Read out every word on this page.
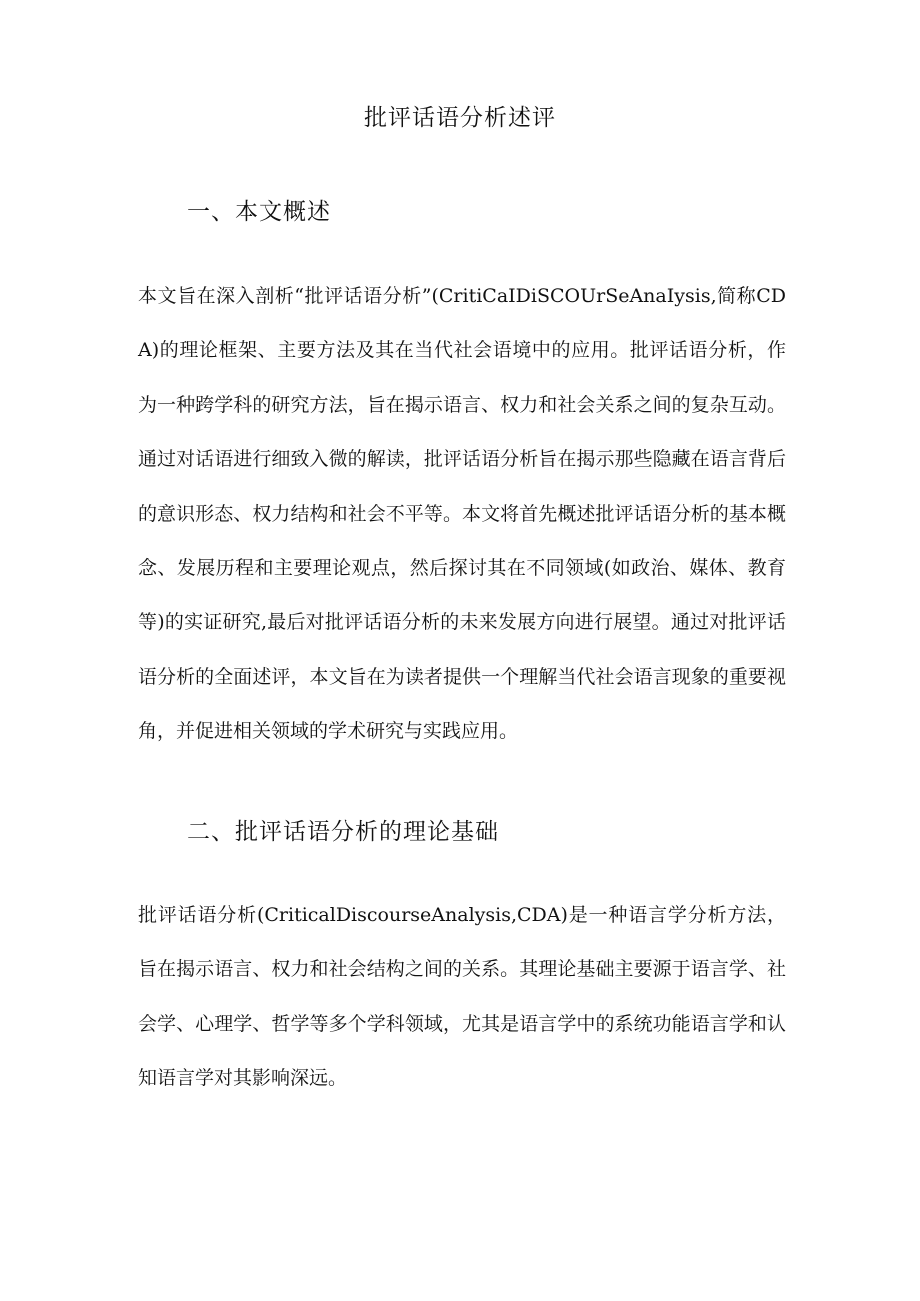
批评话语分析述评
一、本文概述

本文旨在深入剖析“批评话语分析”(CritiCaIDiSCOUrSeAnaIysis,简称CDA)的理论框架、主要方法及其在当代社会语境中的应用。批评话语分析，作为一种跨学科的研究方法，旨在揭示语言、权力和社会关系之间的复杂互动。通过对话语进行细致入微的解读，批评话语分析旨在揭示那些隐藏在语言背后的意识形态、权力结构和社会不平等。本文将首先概述批评话语分析的基本概念、发展历程和主要理论观点，然后探讨其在不同领域(如政治、媒体、教育等)的实证研究,最后对批评话语分析的未来发展方向进行展望。通过对批评话语分析的全面述评，本文旨在为读者提供一个理解当代社会语言现象的重要视角，并促进相关领域的学术研究与实践应用。

二、批评话语分析的理论基础

批评话语分析(CriticalDiscourseAnalysis,CDA)是一种语言学分析方法，旨在揭示语言、权力和社会结构之间的关系。其理论基础主要源于语言学、社会学、心理学、哲学等多个学科领域，尤其是语言学中的系统功能语言学和认知语言学对其影响深远。
